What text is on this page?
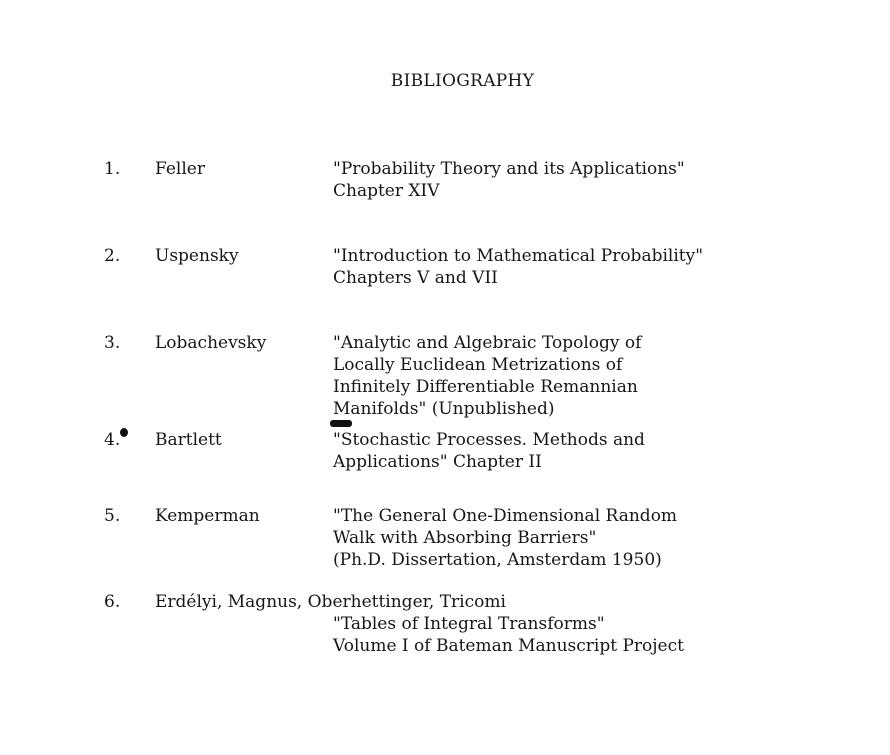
BIBLIOGRAPHY
1.	Feller	"Probability Theory and its Applications"
Chapter XIV
2.	Uspensky	"Introduction to Mathematical Probability"
Chapters V and VII
3.	Lobachevsky	"Analytic and Algebraic Topology of
Locally Euclidean Metrizations of
Infinitely Differentiable Remannian
Manifolds" (Unpublished)
4.	Bartlett	"Stochastic Processes. Methods and
Applications" Chapter II
5.	Kemperman	"The General One-Dimensional Random
Walk with Absorbing Barriers"
(Ph.D. Dissertation, Amsterdam 1950)
6.	Erdélyi, Magnus, Oberhettinger, Tricomi
"Tables of Integral Transforms"
Volume I of Bateman Manuscript Project
